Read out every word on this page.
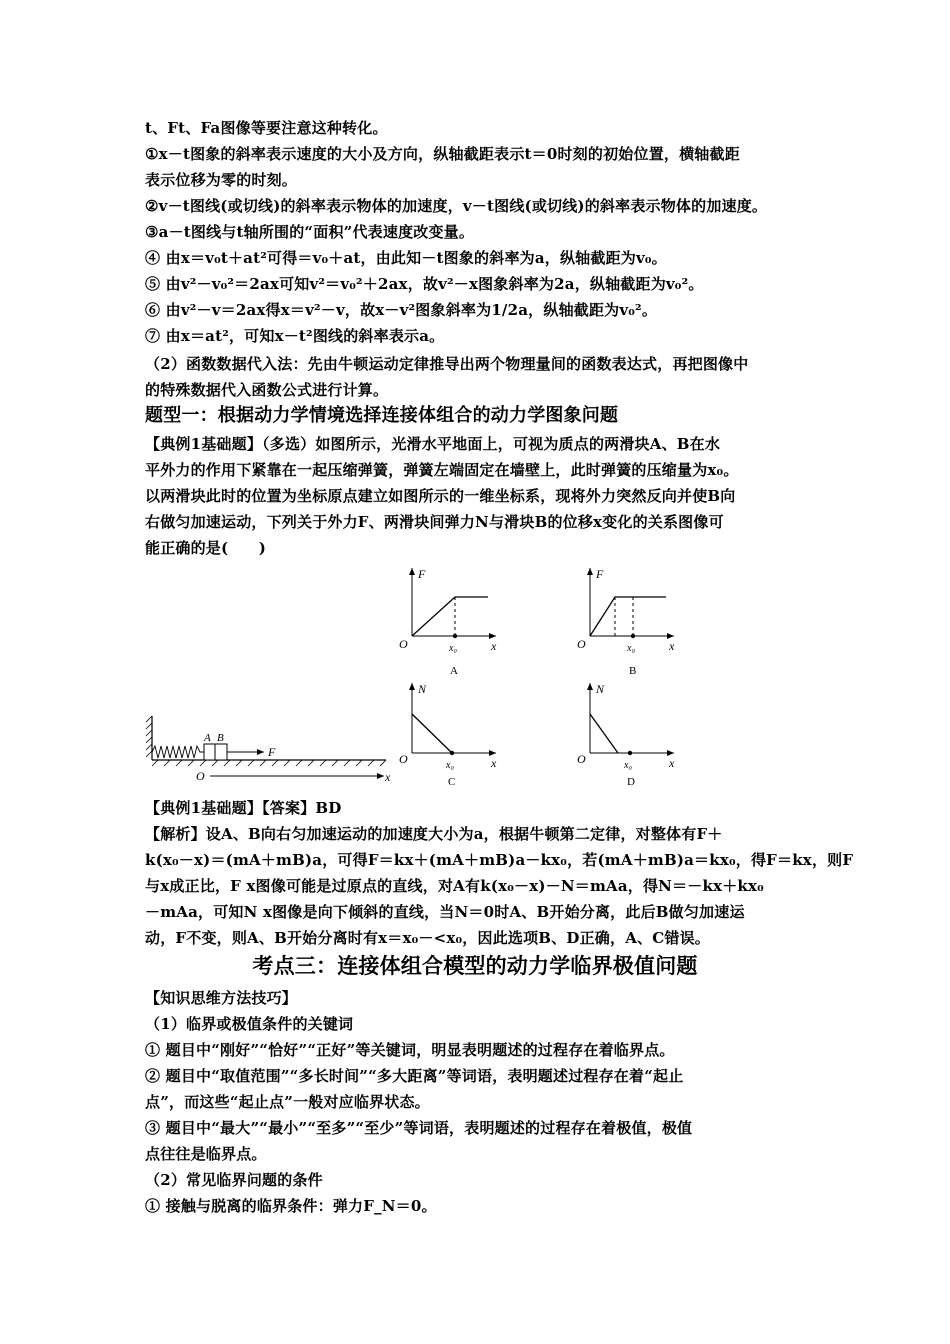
t、Ft、Fa图像等要注意这种转化。
①x－t图象的斜率表示速度的大小及方向，纵轴截距表示t＝0时刻的初始位置，横轴截距
表示位移为零的时刻。
②v－t图线(或切线)的斜率表示物体的加速度，v－t图线(或切线)的斜率表示物体的加速度。
③a－t图线与t轴所围的“面积”代表速度改变量。
④ 由x＝v₀t＋at²可得＝v₀＋at，由此知－t图象的斜率为a，纵轴截距为v₀。
⑤ 由v²－v₀²＝2ax可知v²＝v₀²＋2ax，故v²－x图象斜率为2a，纵轴截距为v₀²。
⑥ 由v²－v＝2ax得x＝v²－v，故x－v²图象斜率为1/2a，纵轴截距为v₀²。
⑦ 由x＝at²，可知x－t²图线的斜率表示a。
（2）函数数据代入法：先由牛顿运动定律推导出两个物理量间的函数表达式，再把图像中
的特殊数据代入函数公式进行计算。
题型一：根据动力学情境选择连接体组合的动力学图象问题
【典例1基础题】（多选）如图所示，光滑水平地面上，可视为质点的两滑块A、B在水
平外力的作用下紧靠在一起压缩弹簧，弹簧左端固定在墙壁上，此时弹簧的压缩量为x₀。
以两滑块此时的位置为坐标原点建立如图所示的一维坐标系，现将外力突然反向并使B向
右做匀加速运动，下列关于外力F、两滑块间弹力N与滑块B的位移x变化的关系图像可
能正确的是(　　)
F
O	x₀	x
A
F
O	x₀	x
B
N
O	x₀	x
C
N
O	x₀	x
D
A B
F
O	x
【典例1基础题】【答案】BD
【解析】设A、B向右匀加速运动的加速度大小为a，根据牛顿第二定律，对整体有F＋
k(x₀－x)＝(mA＋mB)a，可得F＝kx＋(mA＋mB)a－kx₀，若(mA＋mB)a＝kx₀，得F＝kx，则F
与x成正比，F x图像可能是过原点的直线，对A有k(x₀－x)－N＝mAa，得N＝－kx＋kx₀
－mAa，可知N x图像是向下倾斜的直线，当N＝0时A、B开始分离，此后B做匀加速运
动，F不变，则A、B开始分离时有x＝x₀－<x₀，因此选项B、D正确，A、C错误。
考点三：连接体组合模型的动力学临界极值问题
【知识思维方法技巧】
（1）临界或极值条件的关键词
① 题目中“刚好”“恰好”“正好”等关键词，明显表明题述的过程存在着临界点。
② 题目中“取值范围”“多长时间”“多大距离”等词语，表明题述过程存在着“起止
点”，而这些“起止点”一般对应临界状态。
③ 题目中“最大”“最小”“至多”“至少”等词语，表明题述的过程存在着极值，极值
点往往是临界点。
（2）常见临界问题的条件
① 接触与脱离的临界条件：弹力F_N＝0。
